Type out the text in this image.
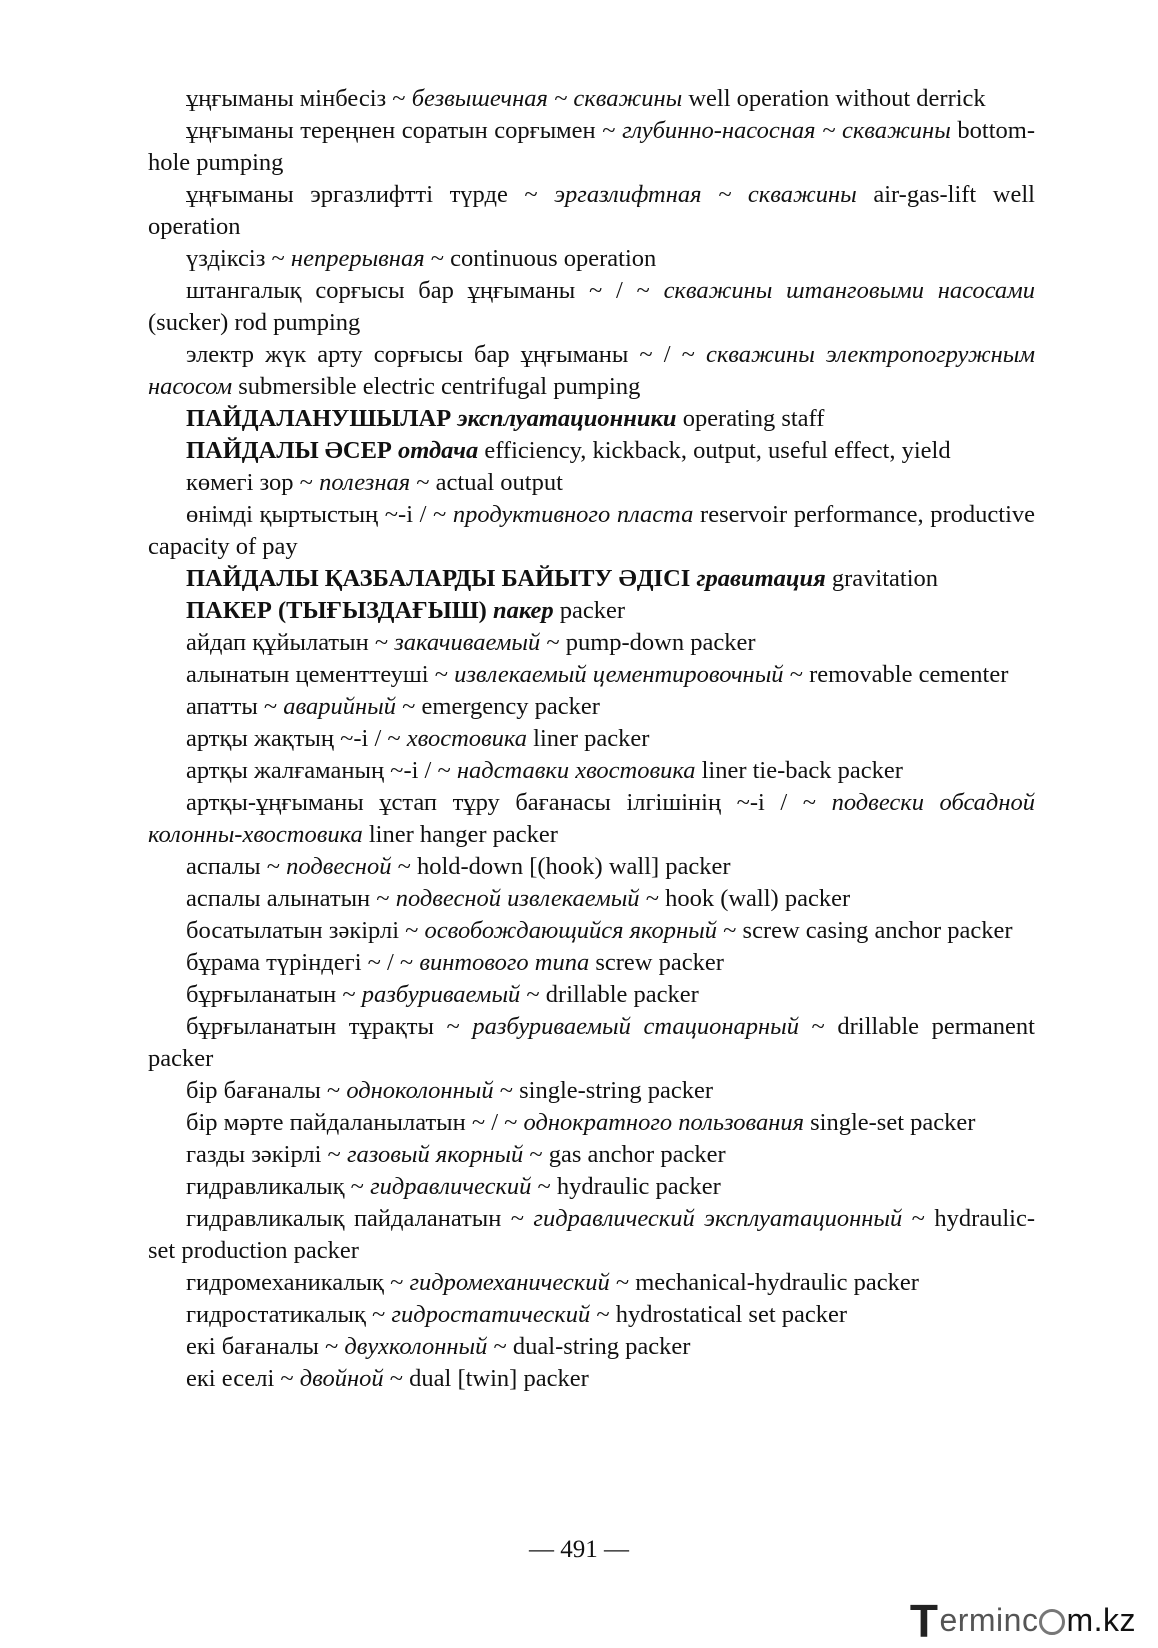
ұңғыманы мінбесіз ~ безвышечная ~ скважины well operation without derrick

ұңғыманы тереңнен соратын сорғымен ~ глубинно-насосная ~ скважины bottom-hole pumping

ұңғыманы эргазлифтті түрде ~ эргазлифтная ~ скважины air-gas-lift well operation

үздіксіз ~ непрерывная ~ continuous operation

штангалық сорғысы бар ұңғыманы ~ / ~ скважины штанговыми насосами (sucker) rod pumping

электр жүк арту сорғысы бар ұңғыманы ~ / ~ скважины электропогружным насосом submersible electric centrifugal pumping

ПАЙДАЛАНУШЫЛАР эксплуатационники operating staff

ПАЙДАЛЫ ӘСЕР отдача efficiency, kickback, output, useful effect, yield

көмегі зор ~ полезная ~ actual output

өнімді қыртыстың ~-і / ~ продуктивного пласта reservoir performance, productive capacity of pay

ПАЙДАЛЫ ҚАЗБАЛАРДЫ БАЙЫТУ ӘДІСІ гравитация gravitation

ПАКЕР (ТЫҒЫЗДАҒЫШ) пакер packer

айдап құйылатын ~ закачиваемый ~ pump-down packer

алынатын цементтеуші ~ извлекаемый цементировочный ~ removable cementer

апатты ~ аварийный ~ emergency packer

артқы жақтың ~-і / ~ хвостовика liner packer

артқы жалғаманың ~-і / ~ надставки хвостовика liner tie-back packer

артқы-ұңғыманы ұстап тұру бағанасы ілгішінің ~-і / ~ подвески обсадной колонны-хвостовика liner hanger packer

аспалы ~ подвесной ~ hold-down [(hook) wall] packer

аспалы алынатын ~ подвесной извлекаемый ~ hook (wall) packer

босатылатын зәкірлі ~ освобождающийся якорный ~ screw casing anchor packer

бұрама түріндегі ~ / ~ винтового типа screw packer

бұрғыланатын ~ разбуриваемый ~ drillable packer

бұрғыланатын тұрақты ~ разбуриваемый стационарный ~ drillable permanent packer

бір бағаналы ~ одноколонный ~ single-string packer

бір мәрте пайдаланылатын ~ / ~ однократного пользования single-set packer

газды зәкірлі ~ газовый якорный ~ gas anchor packer

гидравликалық ~ гидравлический ~ hydraulic packer

гидравликалық пайдаланатын ~ гидравлический эксплуатационный ~ hydraulic-set production packer

гидромеханикалық ~ гидромеханический ~ mechanical-hydraulic packer

гидростатикалық ~ гидростатический ~ hydrostatical set packer

екі бағаналы ~ двухколонный ~ dual-string packer

екі еселі ~ двойной ~ dual [twin] packer

— 491 —
Terminc m.kz
